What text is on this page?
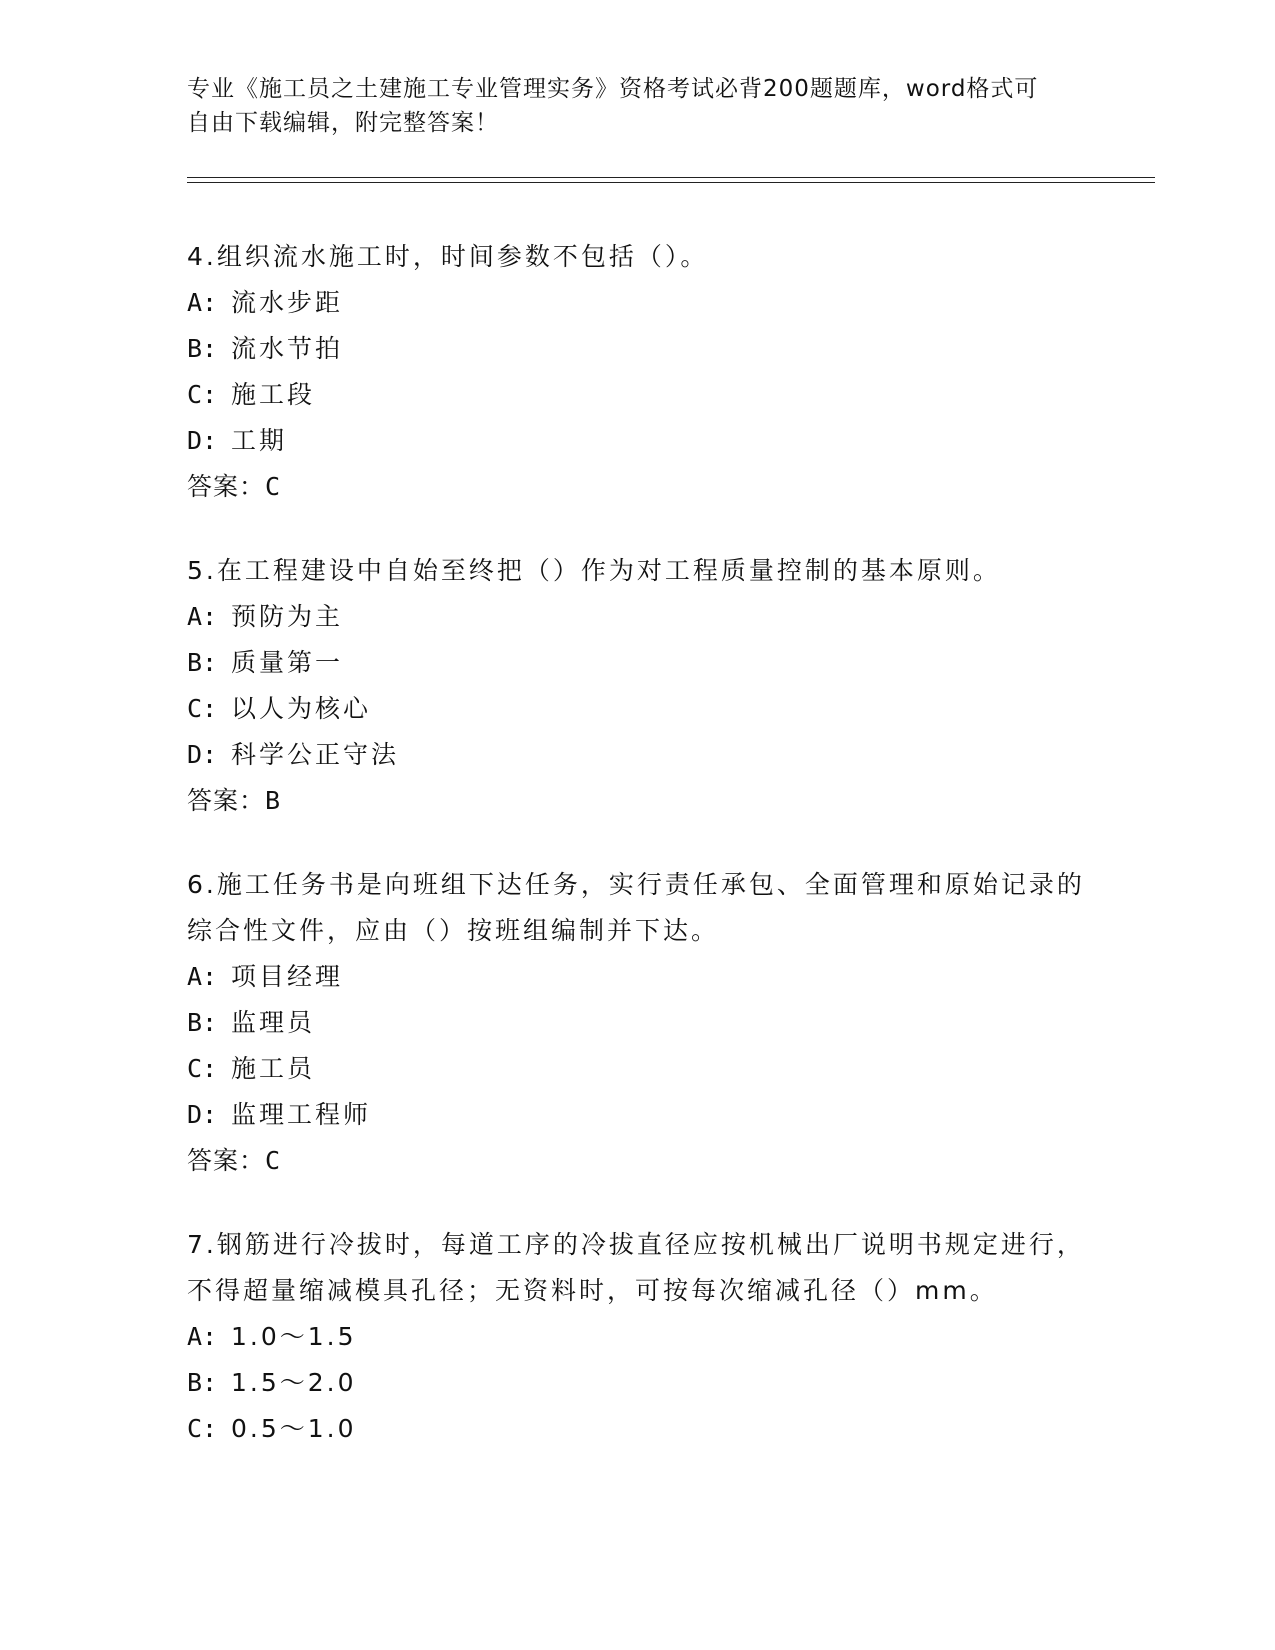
专业《施工员之土建施工专业管理实务》资格考试必背200题题库，word格式可
自由下载编辑，附完整答案！
4.组织流水施工时，时间参数不包括（）。
A: 流水步距
B: 流水节拍
C: 施工段
D: 工期
答案：C
5.在工程建设中自始至终把（）作为对工程质量控制的基本原则。
A: 预防为主
B: 质量第一
C: 以人为核心
D: 科学公正守法
答案：B
6.施工任务书是向班组下达任务，实行责任承包、全面管理和原始记录的综合性文件，应由（）按班组编制并下达。
A: 项目经理
B: 监理员
C: 施工员
D: 监理工程师
答案：C
7.钢筋进行冷拔时，每道工序的冷拔直径应按机械出厂说明书规定进行，不得超量缩减模具孔径；无资料时，可按每次缩减孔径（）mm。
A: 1.0～1.5
B: 1.5～2.0
C: 0.5～1.0
